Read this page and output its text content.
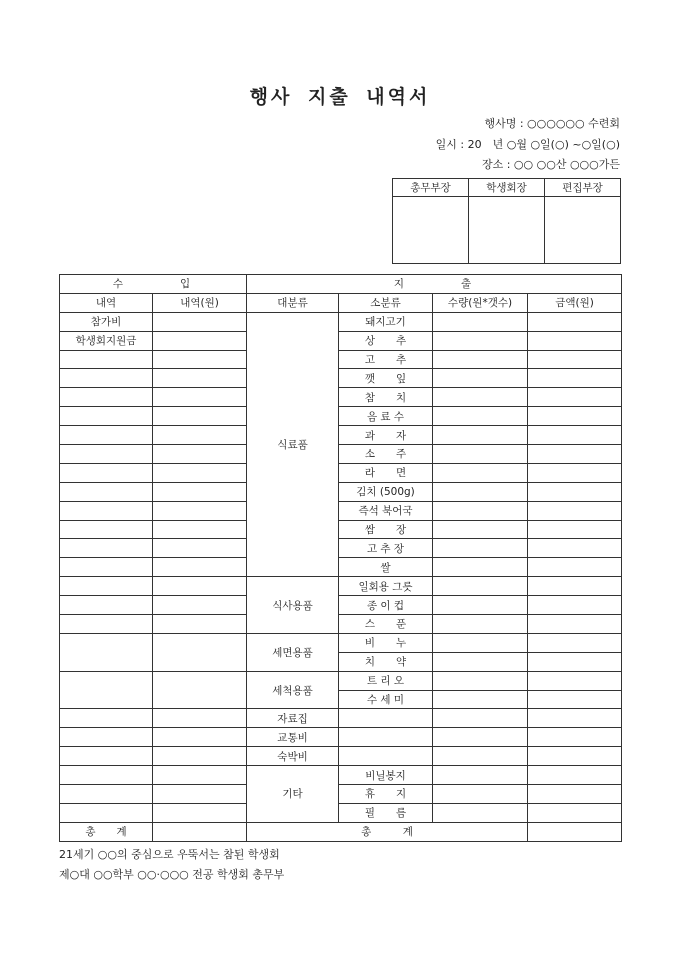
행사 지출 내역서
행사명 : ○○○○○○ 수련회
일시 : 20　년 ○월 ○일(○) ~○일(○)
장소 : ○○ ○○산 ○○○가든
총무부장	학생회장	편집부장

수　　　　입		지　　　　출			
내역	내역(원)	대분류	소분류	수량(원*갯수)	금액(원)
참가비		식료품	돼지고기		
학생회지원금			상　　추		
			고　　추		
			깻　　잎		
			참　　치		
			음 료 수		
			과　　자		
			소　　주		
			라　　면		
			김치 (500g)		
			즉석 북어국		
			쌈　　장		
			고 추 장		
			쌀		
		식사용품	일회용 그릇		
			종 이 컵		
			스　　푼		
		세면용품	비　　누		
			치　　약		
		세척용품	트 리 오		
			수 세 미		
		자료집			
		교통비			
		숙박비			
		기타	비닐봉지		
			휴　　지		
			필　　름		
총　　계		총　　　계			
21세기 ○○의 중심으로 우뚝서는 참된 학생회
제○대 ○○학부 ○○·○○○ 전공 학생회 총무부
